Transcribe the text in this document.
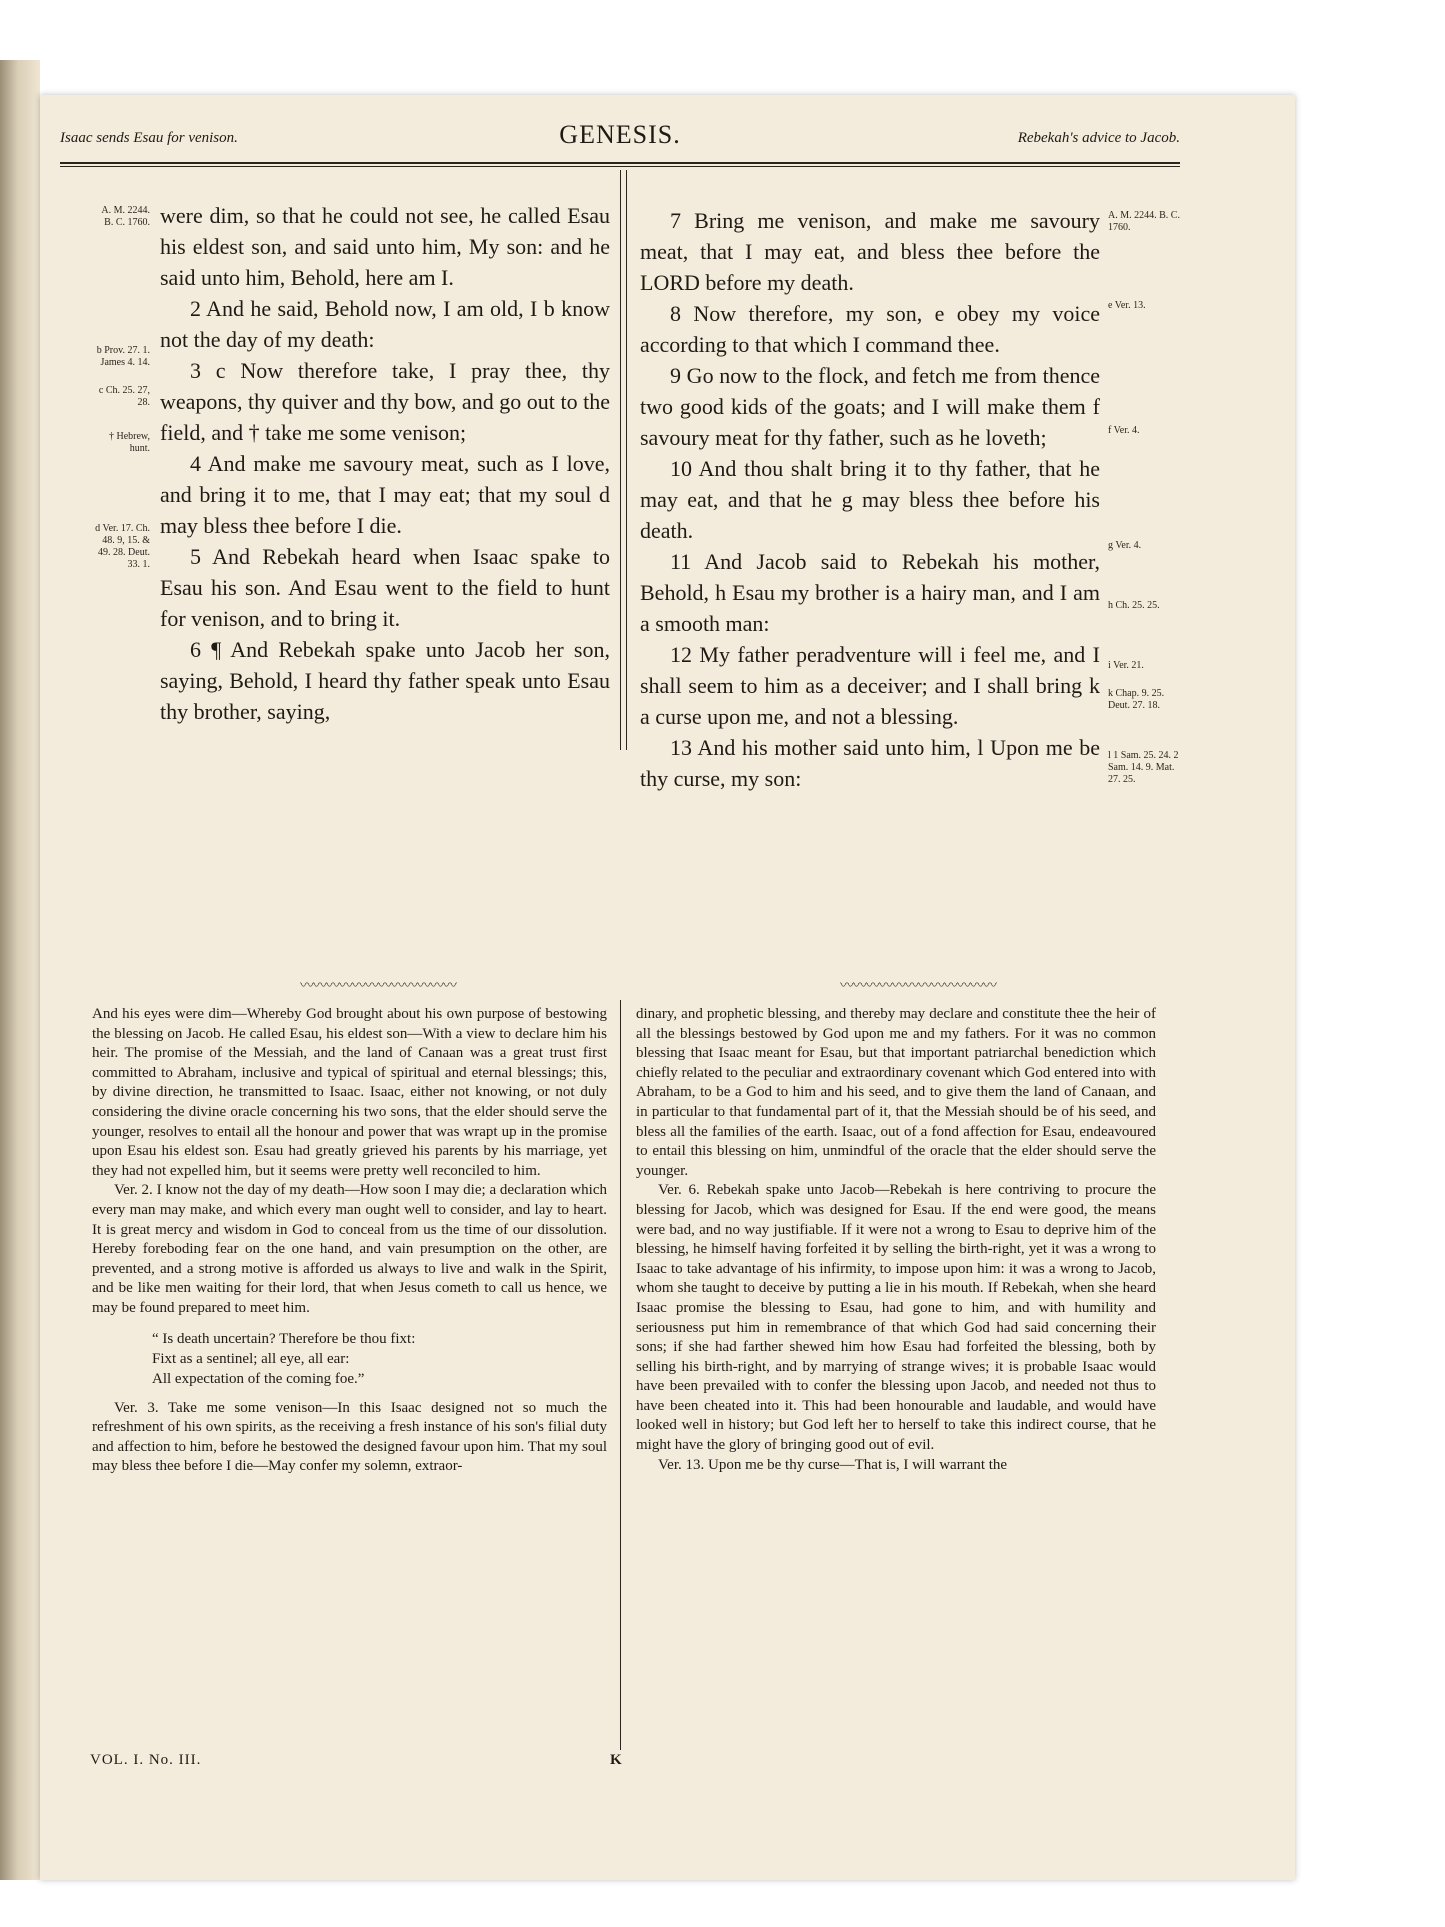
Isaac sends Esau for venison.	GENESIS.	Rebekah's advice to Jacob.
A. M. 2244. B. C. 1760.
b Prov. 27. 1. James 4. 14.
c Ch. 25. 27, 28.
† Hebrew, hunt.
d Ver. 17. Ch. 48. 9, 15. & 49. 28. Deut. 33. 1.

were dim, so that he could not see, he called Esau his eldest son, and said unto him, My son: and he said unto him, Behold, here am I.

2 And he said, Behold now, I am old, I b know not the day of my death:

3 c Now therefore take, I pray thee, thy weapons, thy quiver and thy bow, and go out to the field, and † take me some venison;

4 And make me savoury meat, such as I love, and bring it to me, that I may eat; that my soul d may bless thee before I die.

5 And Rebekah heard when Isaac spake to Esau his son. And Esau went to the field to hunt for venison, and to bring it.

6 ¶ And Rebekah spake unto Jacob her son, saying, Behold, I heard thy father speak unto Esau thy brother, saying,

7 Bring me venison, and make me savoury meat, that I may eat, and bless thee before the LORD before my death.

8 Now therefore, my son, e obey my voice according to that which I command thee.

9 Go now to the flock, and fetch me from thence two good kids of the goats; and I will make them f savoury meat for thy father, such as he loveth;

10 And thou shalt bring it to thy father, that he may eat, and that he g may bless thee before his death.

11 And Jacob said to Rebekah his mother, Behold, h Esau my brother is a hairy man, and I am a smooth man:

12 My father peradventure will i feel me, and I shall seem to him as a deceiver; and I shall bring k a curse upon me, and not a blessing.

13 And his mother said unto him, l Upon me be thy curse, my son:

A. M. 2244. B. C. 1760.
e Ver. 13.
f Ver. 4.
g Ver. 4.
h Ch. 25. 25.
i Ver. 21.
k Chap. 9. 25. Deut. 27. 18.
l 1 Sam. 25. 24. 2 Sam. 14. 9. Mat. 27. 25.
〰〰〰〰〰〰〰〰〰〰〰〰	〰〰〰〰〰〰〰〰〰〰〰〰

And his eyes were dim—Whereby God brought about his own purpose of bestowing the blessing on Jacob. He called Esau, his eldest son—With a view to declare him his heir. The promise of the Messiah, and the land of Canaan was a great trust first committed to Abraham, inclusive and typical of spiritual and eternal blessings; this, by divine direction, he transmitted to Isaac. Isaac, either not knowing, or not duly considering the divine oracle concerning his two sons, that the elder should serve the younger, resolves to entail all the honour and power that was wrapt up in the promise upon Esau his eldest son. Esau had greatly grieved his parents by his marriage, yet they had not expelled him, but it seems were pretty well reconciled to him.

Ver. 2. I know not the day of my death—How soon I may die; a declaration which every man may make, and which every man ought well to consider, and lay to heart. It is great mercy and wisdom in God to conceal from us the time of our dissolution. Hereby foreboding fear on the one hand, and vain presumption on the other, are prevented, and a strong motive is afforded us always to live and walk in the Spirit, and be like men waiting for their lord, that when Jesus cometh to call us hence, we may be found prepared to meet him.

“ Is death uncertain? Therefore be thou fixt:
Fixt as a sentinel; all eye, all ear:
All expectation of the coming foe.”

Ver. 3. Take me some venison—In this Isaac designed not so much the refreshment of his own spirits, as the receiving a fresh instance of his son's filial duty and affection to him, before he bestowed the designed favour upon him. That my soul may bless thee before I die—May confer my solemn, extraor-

dinary, and prophetic blessing, and thereby may declare and constitute thee the heir of all the blessings bestowed by God upon me and my fathers. For it was no common blessing that Isaac meant for Esau, but that important patriarchal benediction which chiefly related to the peculiar and extraordinary covenant which God entered into with Abraham, to be a God to him and his seed, and to give them the land of Canaan, and in particular to that fundamental part of it, that the Messiah should be of his seed, and bless all the families of the earth. Isaac, out of a fond affection for Esau, endeavoured to entail this blessing on him, unmindful of the oracle that the elder should serve the younger.

Ver. 6. Rebekah spake unto Jacob—Rebekah is here contriving to procure the blessing for Jacob, which was designed for Esau. If the end were good, the means were bad, and no way justifiable. If it were not a wrong to Esau to deprive him of the blessing, he himself having forfeited it by selling the birth-right, yet it was a wrong to Isaac to take advantage of his infirmity, to impose upon him: it was a wrong to Jacob, whom she taught to deceive by putting a lie in his mouth. If Rebekah, when she heard Isaac promise the blessing to Esau, had gone to him, and with humility and seriousness put him in remembrance of that which God had said concerning their sons; if she had farther shewed him how Esau had forfeited the blessing, both by selling his birth-right, and by marrying of strange wives; it is probable Isaac would have been prevailed with to confer the blessing upon Jacob, and needed not thus to have been cheated into it. This had been honourable and laudable, and would have looked well in history; but God left her to herself to take this indirect course, that he might have the glory of bringing good out of evil.

Ver. 13. Upon me be thy curse—That is, I will warrant the

VOL. I. No. III.	K
